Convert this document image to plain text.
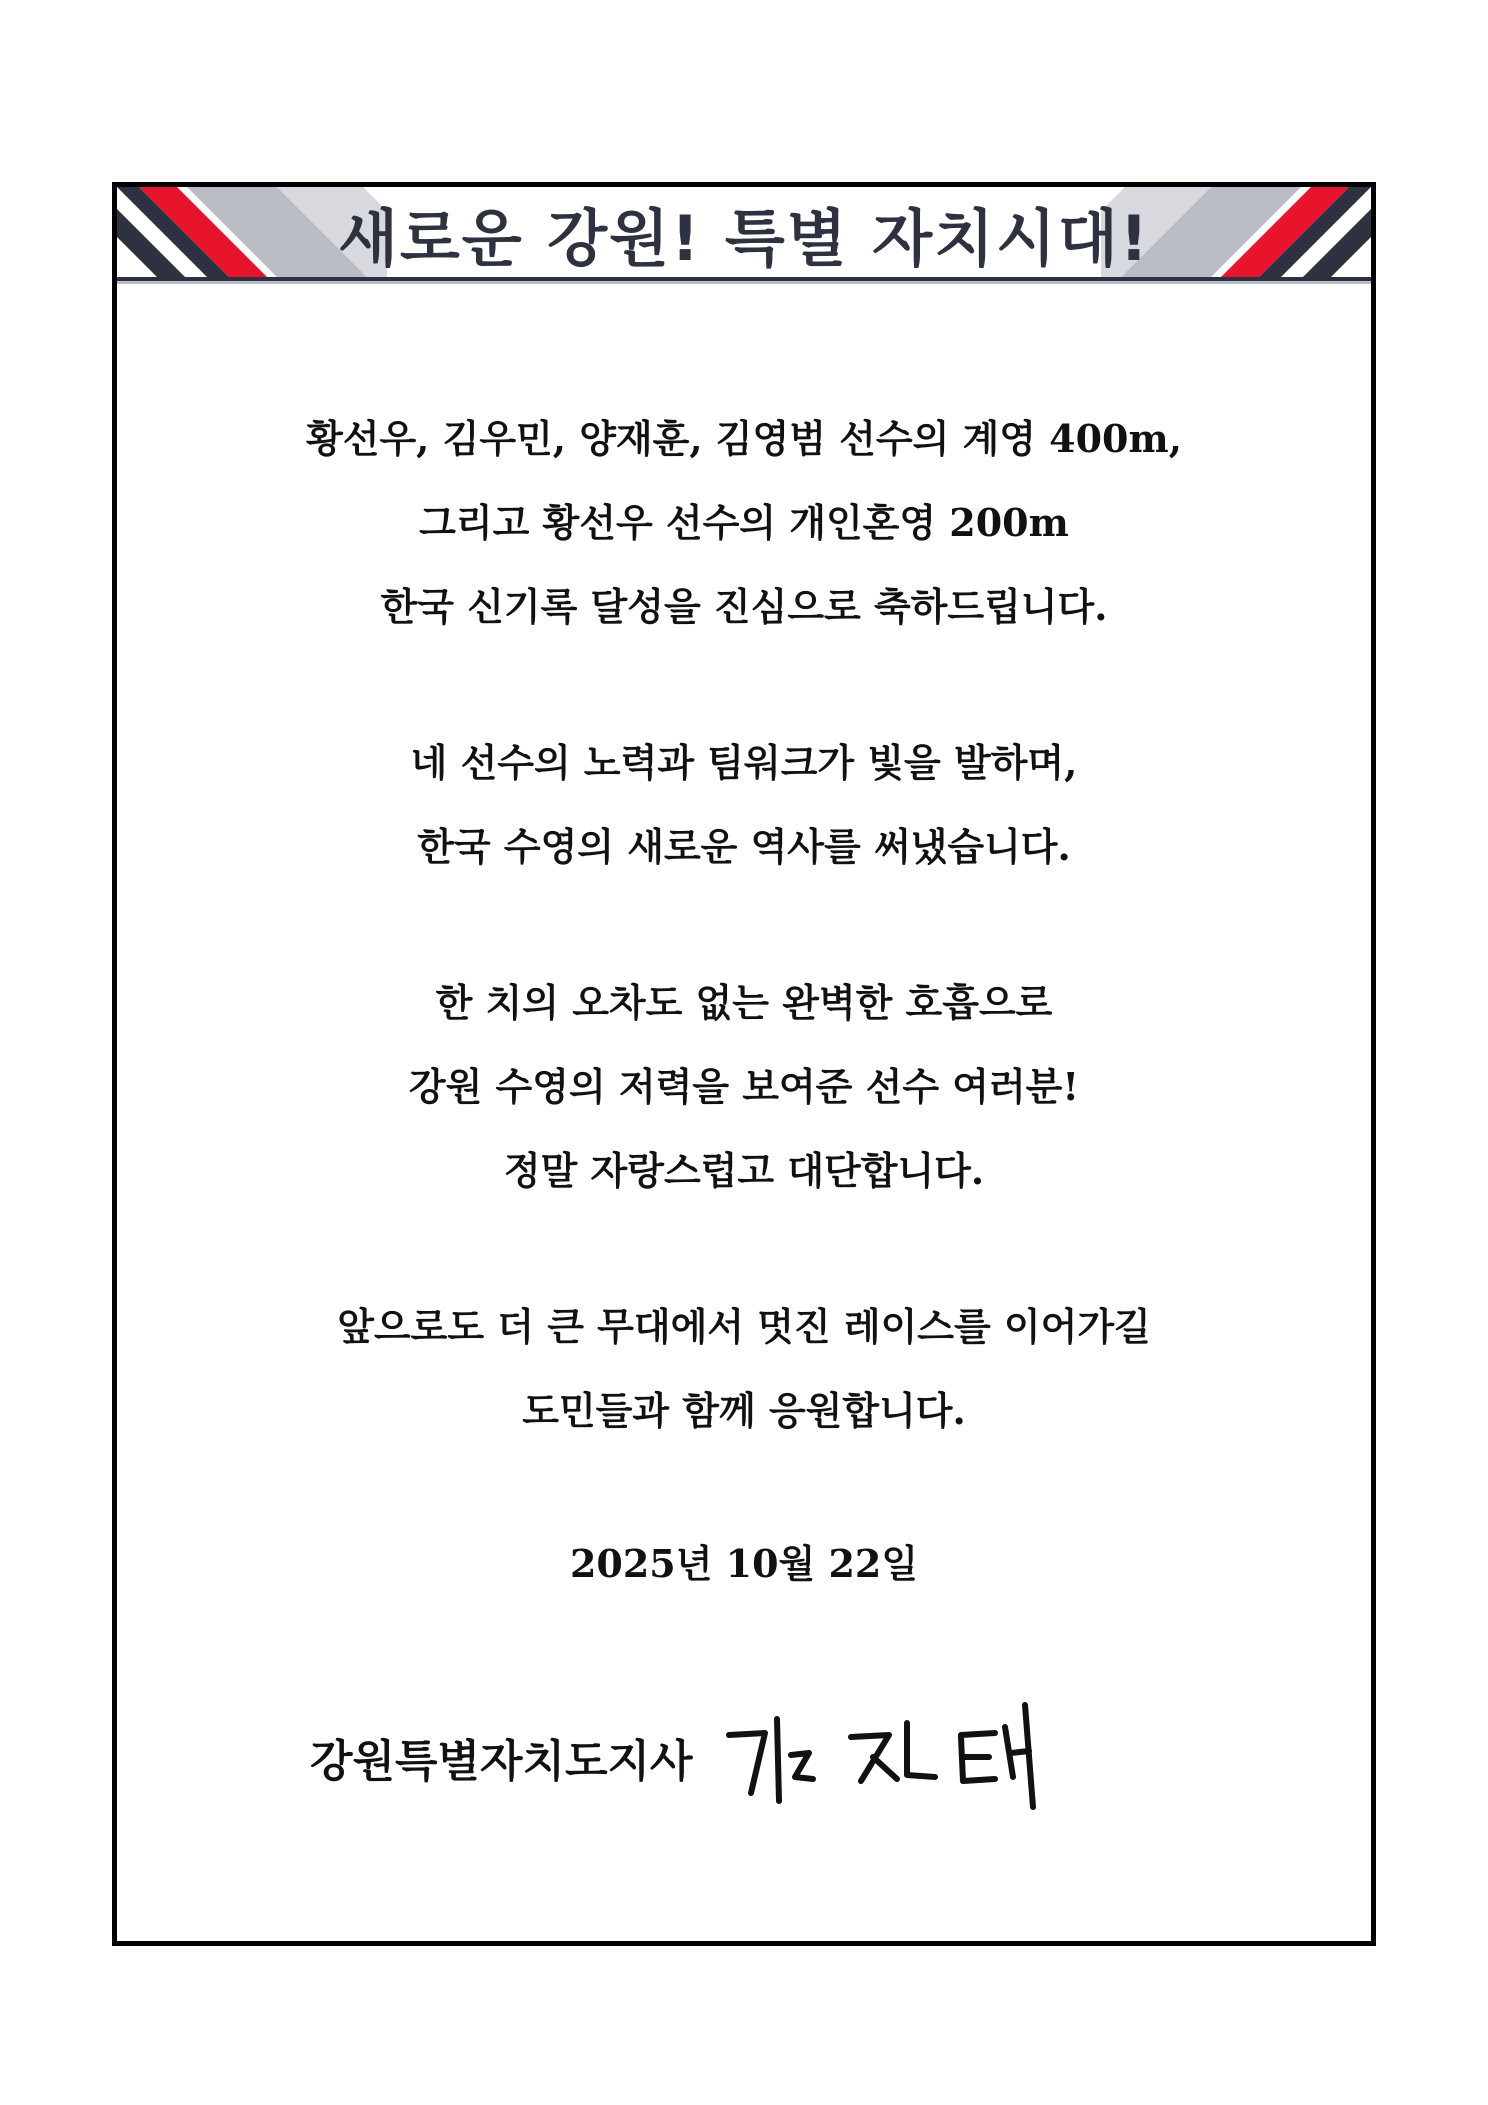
새로운 강원! 특별 자치시대!

황선우, 김우민, 양재훈, 김영범 선수의 계영 400m,
그리고 황선우 선수의 개인혼영 200m
한국 신기록 달성을 진심으로 축하드립니다.

네 선수의 노력과 팀워크가 빛을 발하며,
한국 수영의 새로운 역사를 써냈습니다.

한 치의 오차도 없는 완벽한 호흡으로
강원 수영의 저력을 보여준 선수 여러분!
정말 자랑스럽고 대단합니다.

앞으로도 더 큰 무대에서 멋진 레이스를 이어가길
도민들과 함께 응원합니다.

2025년 10월 22일
강원특별자치도지사
